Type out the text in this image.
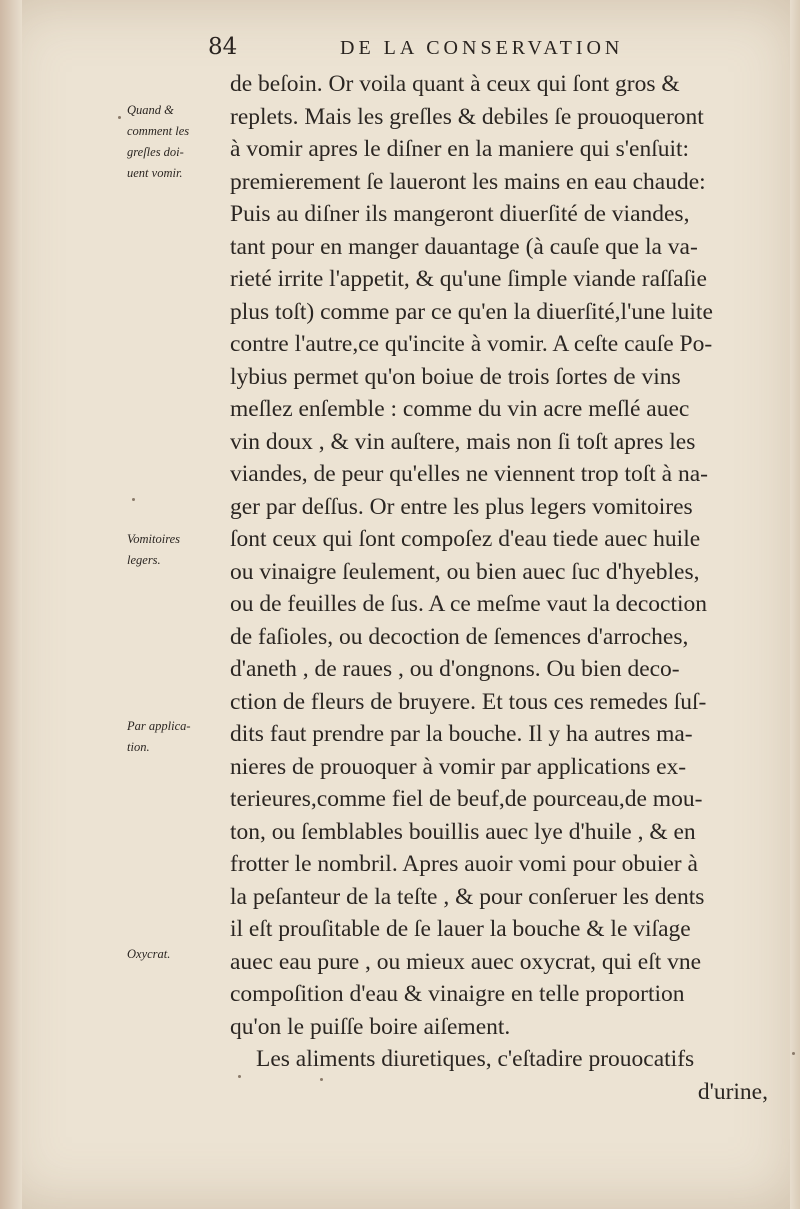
84	DE LA CONSERVATION
Quand &
comment les
greſles doi-
uent vomir.
Vomitoires
legers.
Par applica-
tion.
Oxycrat.
de beſoin. Or voila quant à ceux qui ſont gros &
replets. Mais les greſles & debiles ſe prouoqueront
à vomir apres le diſner en la maniere qui s'enſuit:
premierement ſe laueront les mains en eau chaude:
Puis au diſner ils mangeront diuerſité de viandes,
tant pour en manger dauantage (à cauſe que la va-
rieté irrite l'appetit, & qu'une ſimple viande raſſaſie
plus toſt) comme par ce qu'en la diuerſité,l'une luite
contre l'autre,ce qu'incite à vomir. A ceſte cauſe Po-
lybius permet qu'on boiue de trois ſortes de vins
meſlez enſemble : comme du vin acre meſlé auec
vin doux , & vin auſtere, mais non ſi toſt apres les
viandes, de peur qu'elles ne viennent trop toſt à na-
ger par deſſus. Or entre les plus legers vomitoires
ſont ceux qui ſont compoſez d'eau tiede auec huile
ou vinaigre ſeulement, ou bien auec ſuc d'hyebles,
ou de feuilles de ſus. A ce meſme vaut la decoction
de faſioles, ou decoction de ſemences d'arroches,
d'aneth , de raues , ou d'ongnons. Ou bien deco-
ction de fleurs de bruyere. Et tous ces remedes ſuſ-
dits faut prendre par la bouche. Il y ha autres ma-
nieres de prouoquer à vomir par applications ex-
terieures,comme fiel de beuf,de pourceau,de mou-
ton, ou ſemblables bouillis auec lye d'huile , & en
frotter le nombril. Apres auoir vomi pour obuier à
la peſanteur de la teſte , & pour conſeruer les dents
il eſt prouſitable de ſe lauer la bouche & le viſage
auec eau pure , ou mieux auec oxycrat, qui eſt vne
compoſition d'eau & vinaigre en telle proportion
qu'on le puiſſe boire aiſement.
Les aliments diuretiques, c'eſtadire prouocatifs
d'urine,
